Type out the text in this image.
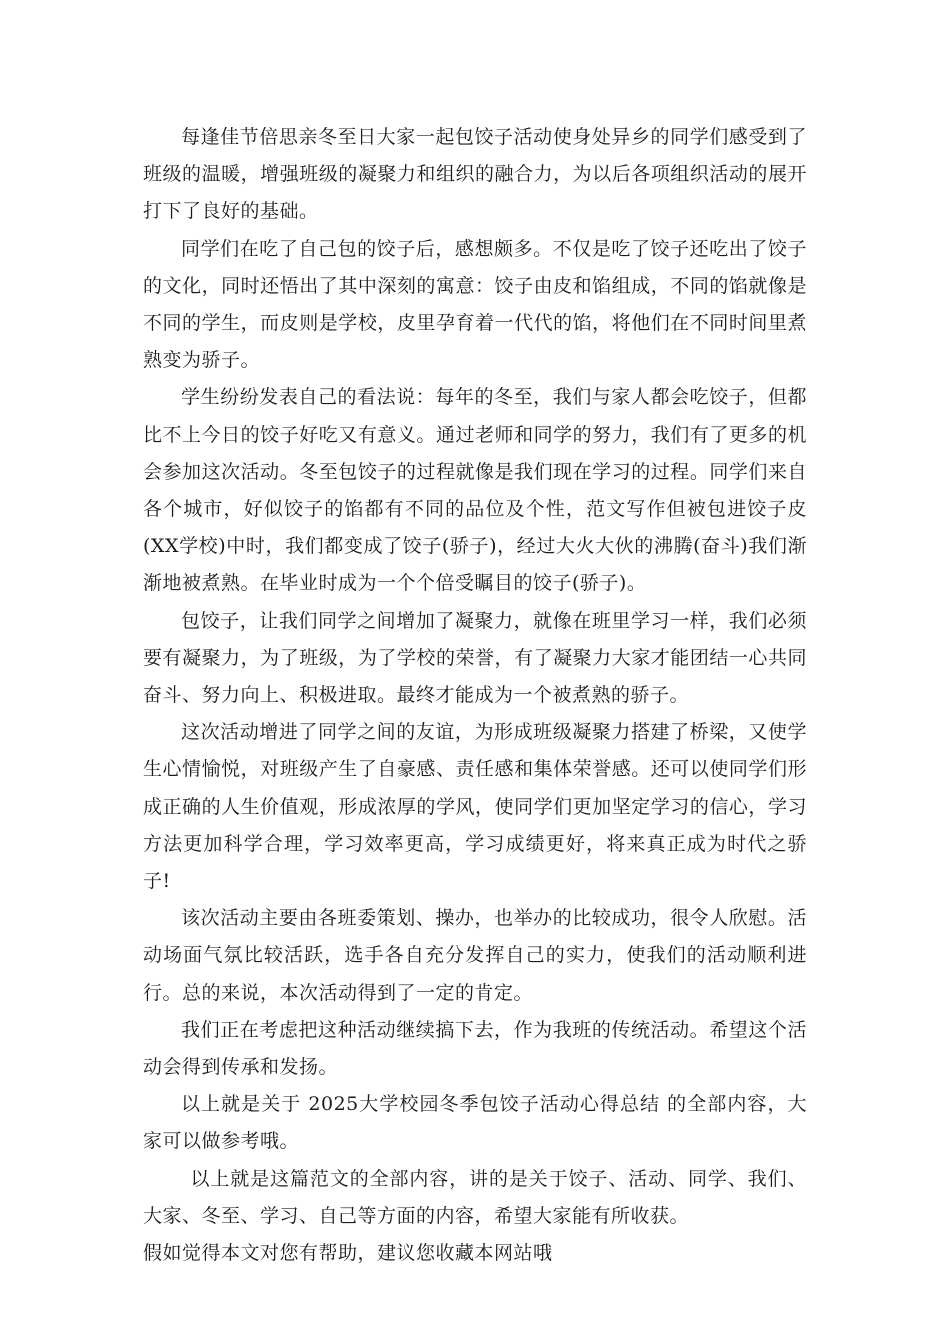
每逢佳节倍思亲冬至日大家一起包饺子活动使身处异乡的同学们感受到了班级的温暖，增强班级的凝聚力和组织的融合力，为以后各项组织活动的展开打下了良好的基础。

同学们在吃了自己包的饺子后，感想颇多。不仅是吃了饺子还吃出了饺子的文化，同时还悟出了其中深刻的寓意：饺子由皮和馅组成，不同的馅就像是不同的学生，而皮则是学校，皮里孕育着一代代的馅，将他们在不同时间里煮熟变为骄子。

学生纷纷发表自己的看法说：每年的冬至，我们与家人都会吃饺子，但都比不上今日的饺子好吃又有意义。通过老师和同学的努力，我们有了更多的机会参加这次活动。冬至包饺子的过程就像是我们现在学习的过程。同学们来自各个城市，好似饺子的馅都有不同的品位及个性，范文写作但被包进饺子皮(XX学校)中时，我们都变成了饺子(骄子)，经过大火大伙的沸腾(奋斗)我们渐渐地被煮熟。在毕业时成为一个个倍受瞩目的饺子(骄子)。

包饺子，让我们同学之间增加了凝聚力，就像在班里学习一样，我们必须要有凝聚力，为了班级，为了学校的荣誉，有了凝聚力大家才能团结一心共同奋斗、努力向上、积极进取。最终才能成为一个被煮熟的骄子。

这次活动增进了同学之间的友谊，为形成班级凝聚力搭建了桥梁，又使学生心情愉悦，对班级产生了自豪感、责任感和集体荣誉感。还可以使同学们形成正确的人生价值观，形成浓厚的学风，使同学们更加坚定学习的信心，学习方法更加科学合理，学习效率更高，学习成绩更好，将来真正成为时代之骄子!

该次活动主要由各班委策划、操办，也举办的比较成功，很令人欣慰。活动场面气氛比较活跃，选手各自充分发挥自己的实力，使我们的活动顺利进行。总的来说，本次活动得到了一定的肯定。

我们正在考虑把这种活动继续搞下去，作为我班的传统活动。希望这个活动会得到传承和发扬。

以上就是关于 2025大学校园冬季包饺子活动心得总结 的全部内容，大家可以做参考哦。

以上就是这篇范文的全部内容，讲的是关于饺子、活动、同学、我们、大家、冬至、学习、自己等方面的内容，希望大家能有所收获。

假如觉得本文对您有帮助，建议您收藏本网站哦
